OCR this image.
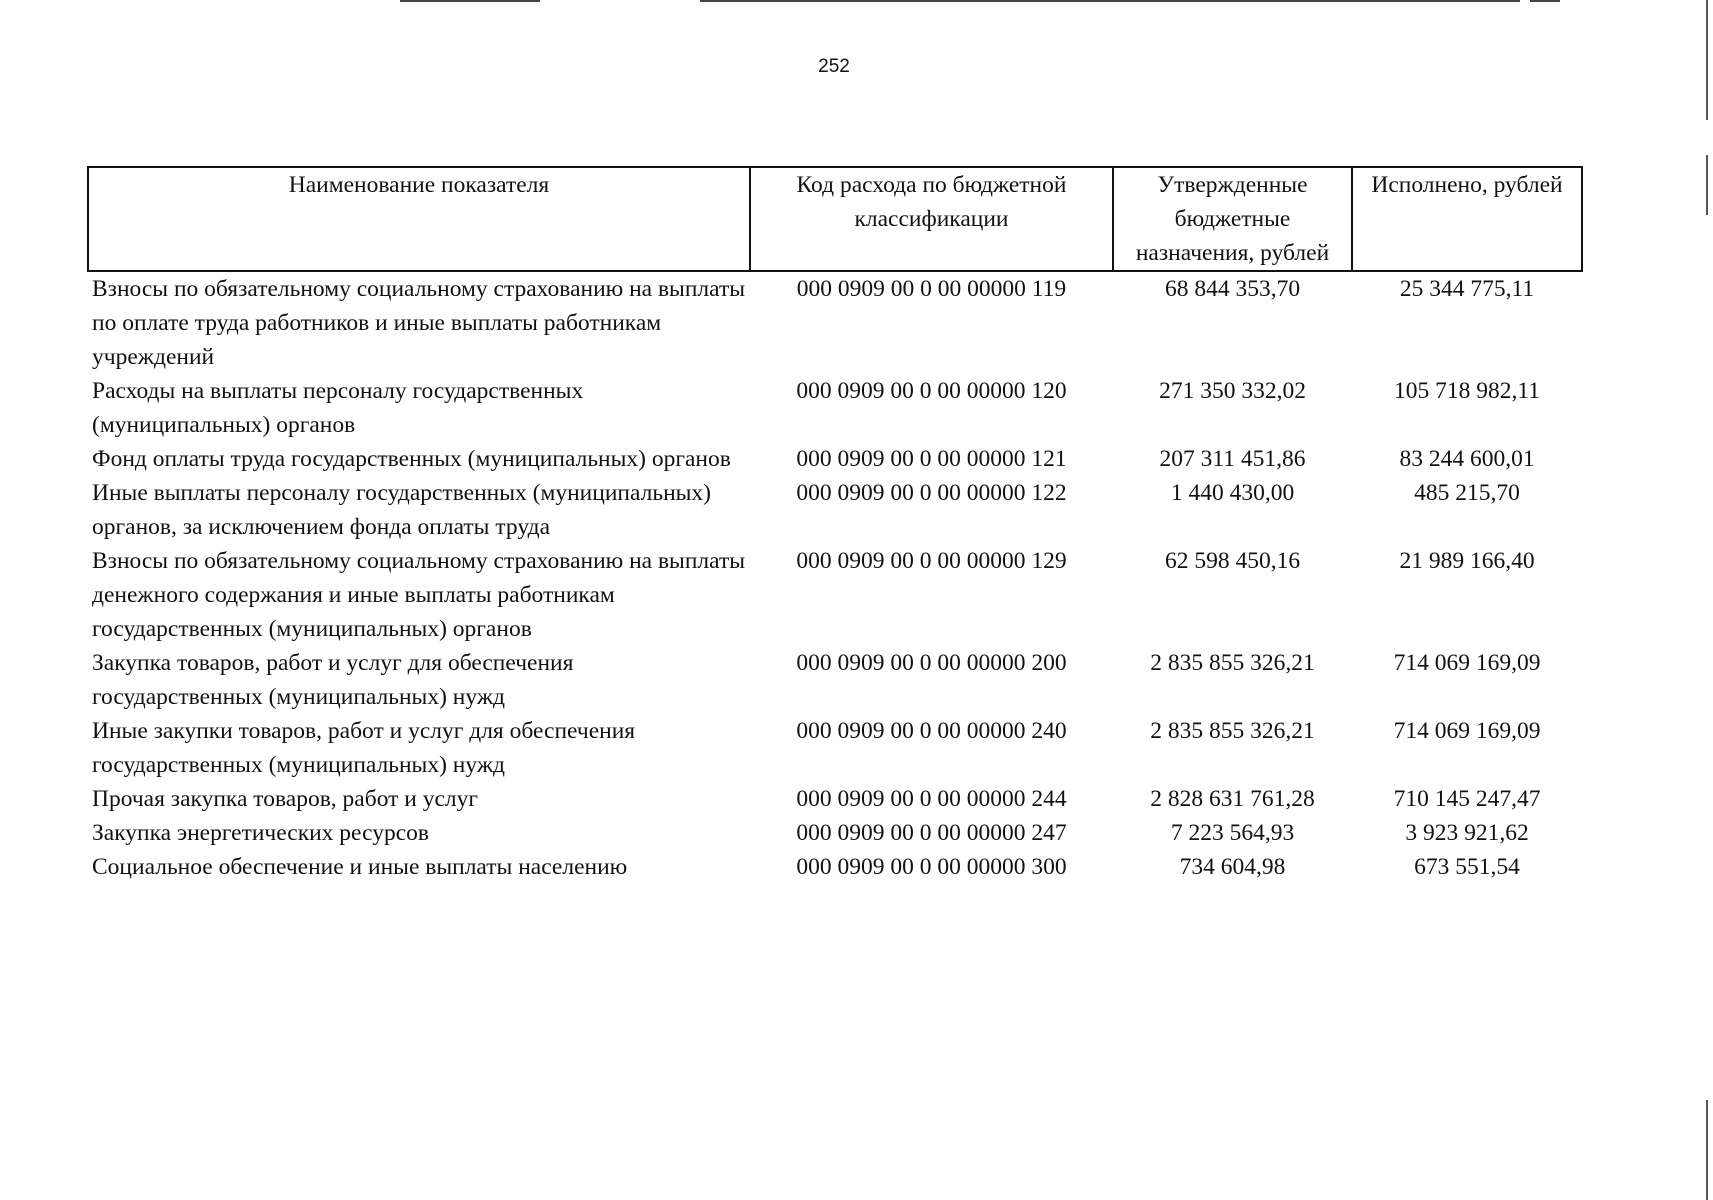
252
Наименование показателя	Код расхода по бюджетной классификации	Утвержденные бюджетные назначения, рублей	Исполнено, рублей
Взносы по обязательному социальному страхованию на выплаты по оплате труда работников и иные выплаты работникам учреждений	000 0909 00 0 00 00000 119	68 844 353,70	25 344 775,11
Расходы на выплаты персоналу государственных (муниципальных) органов	000 0909 00 0 00 00000 120	271 350 332,02	105 718 982,11
Фонд оплаты труда государственных (муниципальных) органов	000 0909 00 0 00 00000 121	207 311 451,86	83 244 600,01
Иные выплаты персоналу государственных (муниципальных) органов, за исключением фонда оплаты труда	000 0909 00 0 00 00000 122	1 440 430,00	485 215,70
Взносы по обязательному социальному страхованию на выплаты денежного содержания и иные выплаты работникам государственных (муниципальных) органов	000 0909 00 0 00 00000 129	62 598 450,16	21 989 166,40
Закупка товаров, работ и услуг для обеспечения государственных (муниципальных) нужд	000 0909 00 0 00 00000 200	2 835 855 326,21	714 069 169,09
Иные закупки товаров, работ и услуг для обеспечения государственных (муниципальных) нужд	000 0909 00 0 00 00000 240	2 835 855 326,21	714 069 169,09
Прочая закупка товаров, работ и услуг	000 0909 00 0 00 00000 244	2 828 631 761,28	710 145 247,47
Закупка энергетических ресурсов	000 0909 00 0 00 00000 247	7 223 564,93	3 923 921,62
Социальное обеспечение и иные выплаты населению	000 0909 00 0 00 00000 300	734 604,98	673 551,54
